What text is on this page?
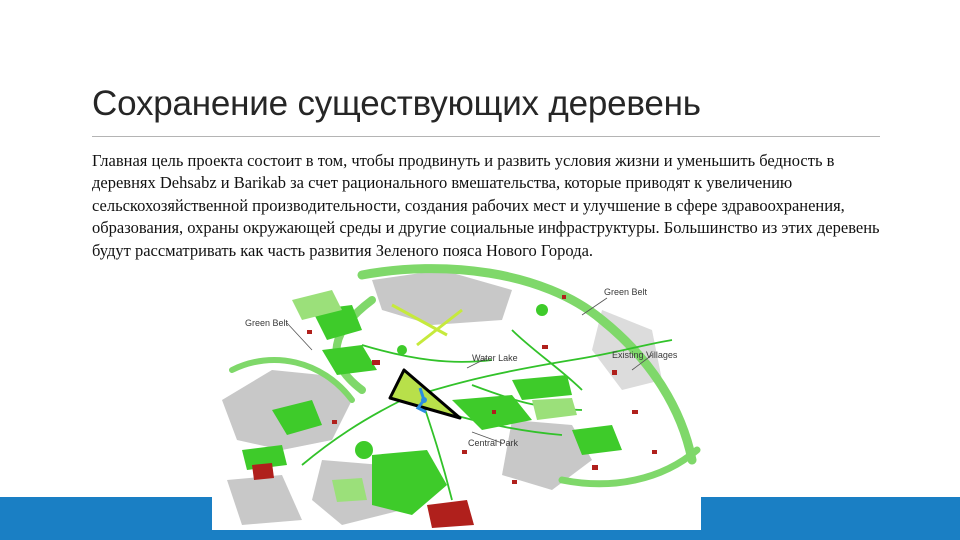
Сохранение существующих деревень
Green Belt
Green Belt
Water Lake	Existing Villages
Central Park
Главная цель проекта состоит в том, чтобы продвинуть и развить условия жизни и уменьшить бедность в деревнях Dehsabz и Barikab за счет рационального вмешательства, которые приводят к увеличению сельскохозяйственной производительности, создания рабочих мест и улучшение в сфере здравоохранения, образования, охраны окружающей среды и другие социальные инфраструктуры. Большинство из этих деревень будут рассматривать как часть развития Зеленого пояса Нового Города.
